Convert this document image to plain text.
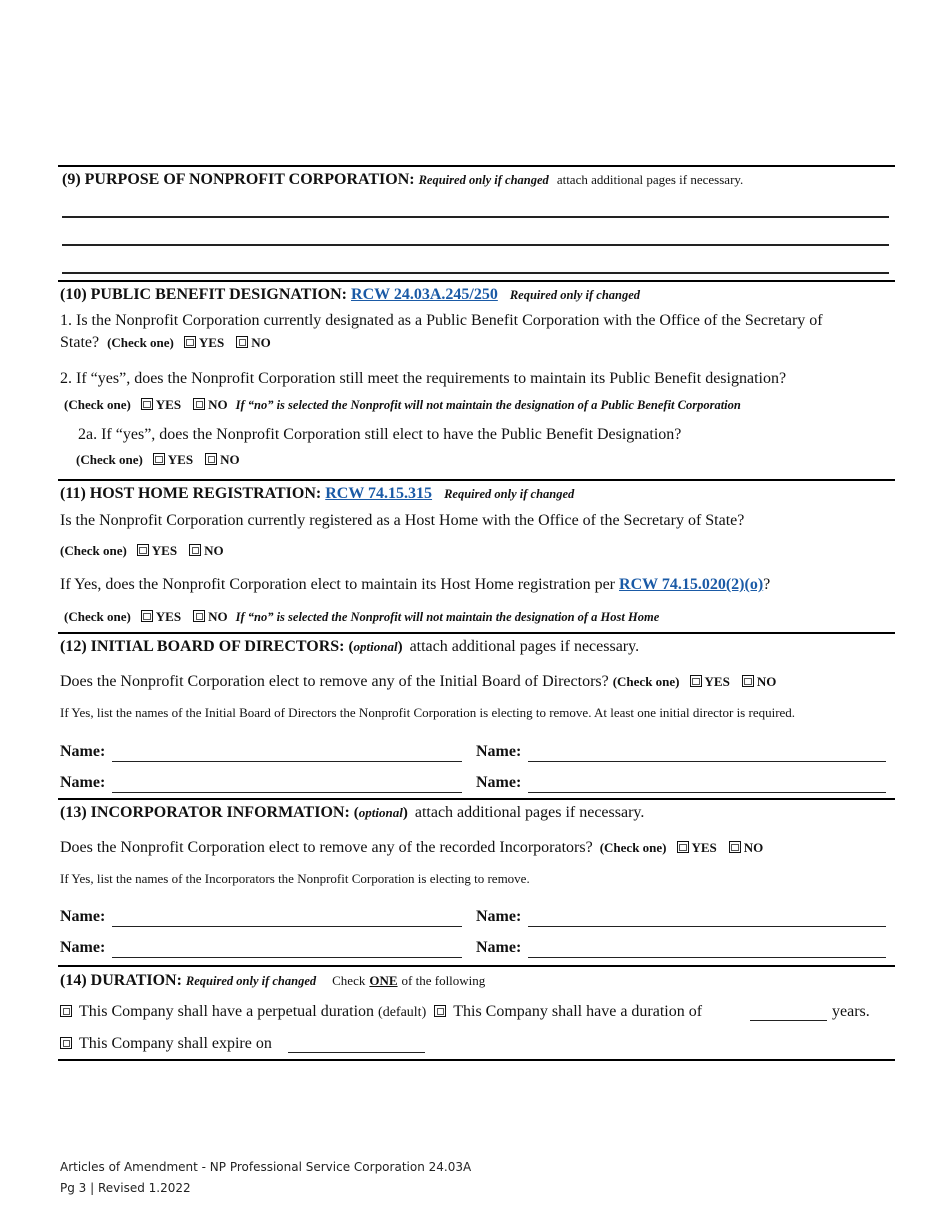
(9) PURPOSE OF NONPROFIT CORPORATION: Required only if changed attach additional pages if necessary.
(10) PUBLIC BENEFIT DESIGNATION: RCW 24.03A.245/250 Required only if changed
1. Is the Nonprofit Corporation currently designated as a Public Benefit Corporation with the Office of the Secretary of
State? (Check one) YES NO
2. If “yes”, does the Nonprofit Corporation still meet the requirements to maintain its Public Benefit designation?
(Check one) YES NO If “no” is selected the Nonprofit will not maintain the designation of a Public Benefit Corporation
2a. If “yes”, does the Nonprofit Corporation still elect to have the Public Benefit Designation?
(Check one) YES NO
(11) HOST HOME REGISTRATION: RCW 74.15.315 Required only if changed
Is the Nonprofit Corporation currently registered as a Host Home with the Office of the Secretary of State?
(Check one) YES NO
If Yes, does the Nonprofit Corporation elect to maintain its Host Home registration per RCW 74.15.020(2)(o)?
(Check one) YES NO If “no” is selected the Nonprofit will not maintain the designation of a Host Home
(12) INITIAL BOARD OF DIRECTORS: (optional) attach additional pages if necessary.
Does the Nonprofit Corporation elect to remove any of the Initial Board of Directors? (Check one) YES NO
If Yes, list the names of the Initial Board of Directors the Nonprofit Corporation is electing to remove. At least one initial director is required.
Name:	Name:
Name:	Name:
(13) INCORPORATOR INFORMATION: (optional) attach additional pages if necessary.
Does the Nonprofit Corporation elect to remove any of the recorded Incorporators? (Check one) YES NO
If Yes, list the names of the Incorporators the Nonprofit Corporation is electing to remove.
Name:	Name:
Name:	Name:
(14) DURATION: Required only if changed Check ONE of the following
This Company shall have a perpetual duration (default) This Company shall have a duration of	years.
This Company shall expire on
Articles of Amendment - NP Professional Service Corporation 24.03A
Pg 3 | Revised 1.2022
